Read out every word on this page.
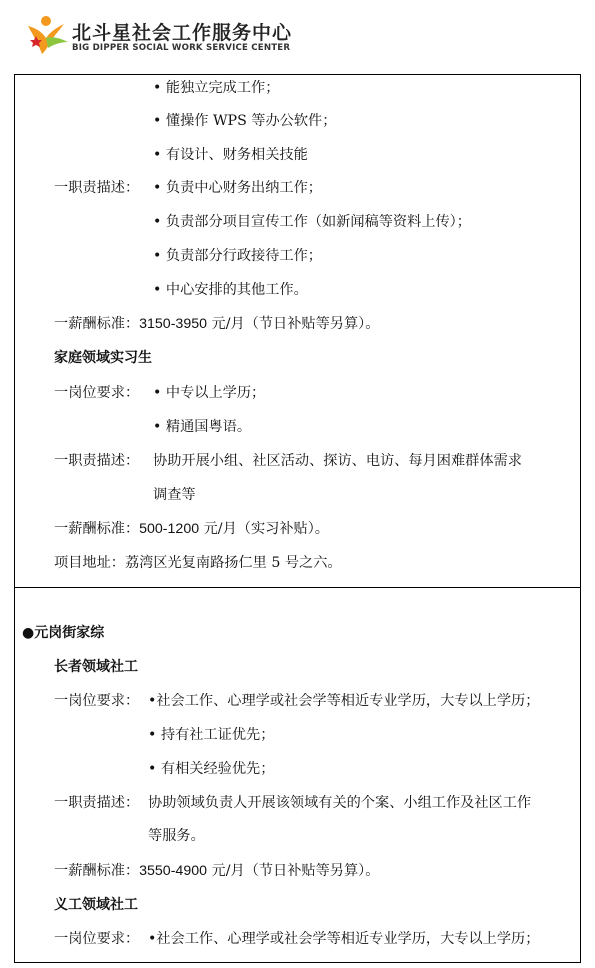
北斗星社会工作服务中心
BIG DIPPER SOCIAL WORK SERVICE CENTER
• 能独立完成工作；
• 懂操作 WPS 等办公软件；
• 有设计、财务相关技能
一职责描述： • 负责中心财务出纳工作；
• 负责部分项目宣传工作（如新闻稿等资料上传）；
• 负责部分行政接待工作；
• 中心安排的其他工作。
一薪酬标准：3150-3950 元/月（节日补贴等另算）。
家庭领域实习生
一岗位要求： • 中专以上学历；
• 精通国粤语。
一职责描述： 协助开展小组、社区活动、探访、电访、每月困难群体需求
调查等
一薪酬标准：500-1200 元/月（实习补贴）。
项目地址：荔湾区光复南路扬仁里 5 号之六。
●元岗街家综
长者领域社工
一岗位要求： •社会工作、心理学或社会学等相近专业学历，大专以上学历；
• 持有社工证优先；
• 有相关经验优先；
一职责描述： 协助领域负责人开展该领域有关的个案、小组工作及社区工作
等服务。
一薪酬标准：3550-4900 元/月（节日补贴等另算）。
义工领域社工
一岗位要求： •社会工作、心理学或社会学等相近专业学历，大专以上学历；
